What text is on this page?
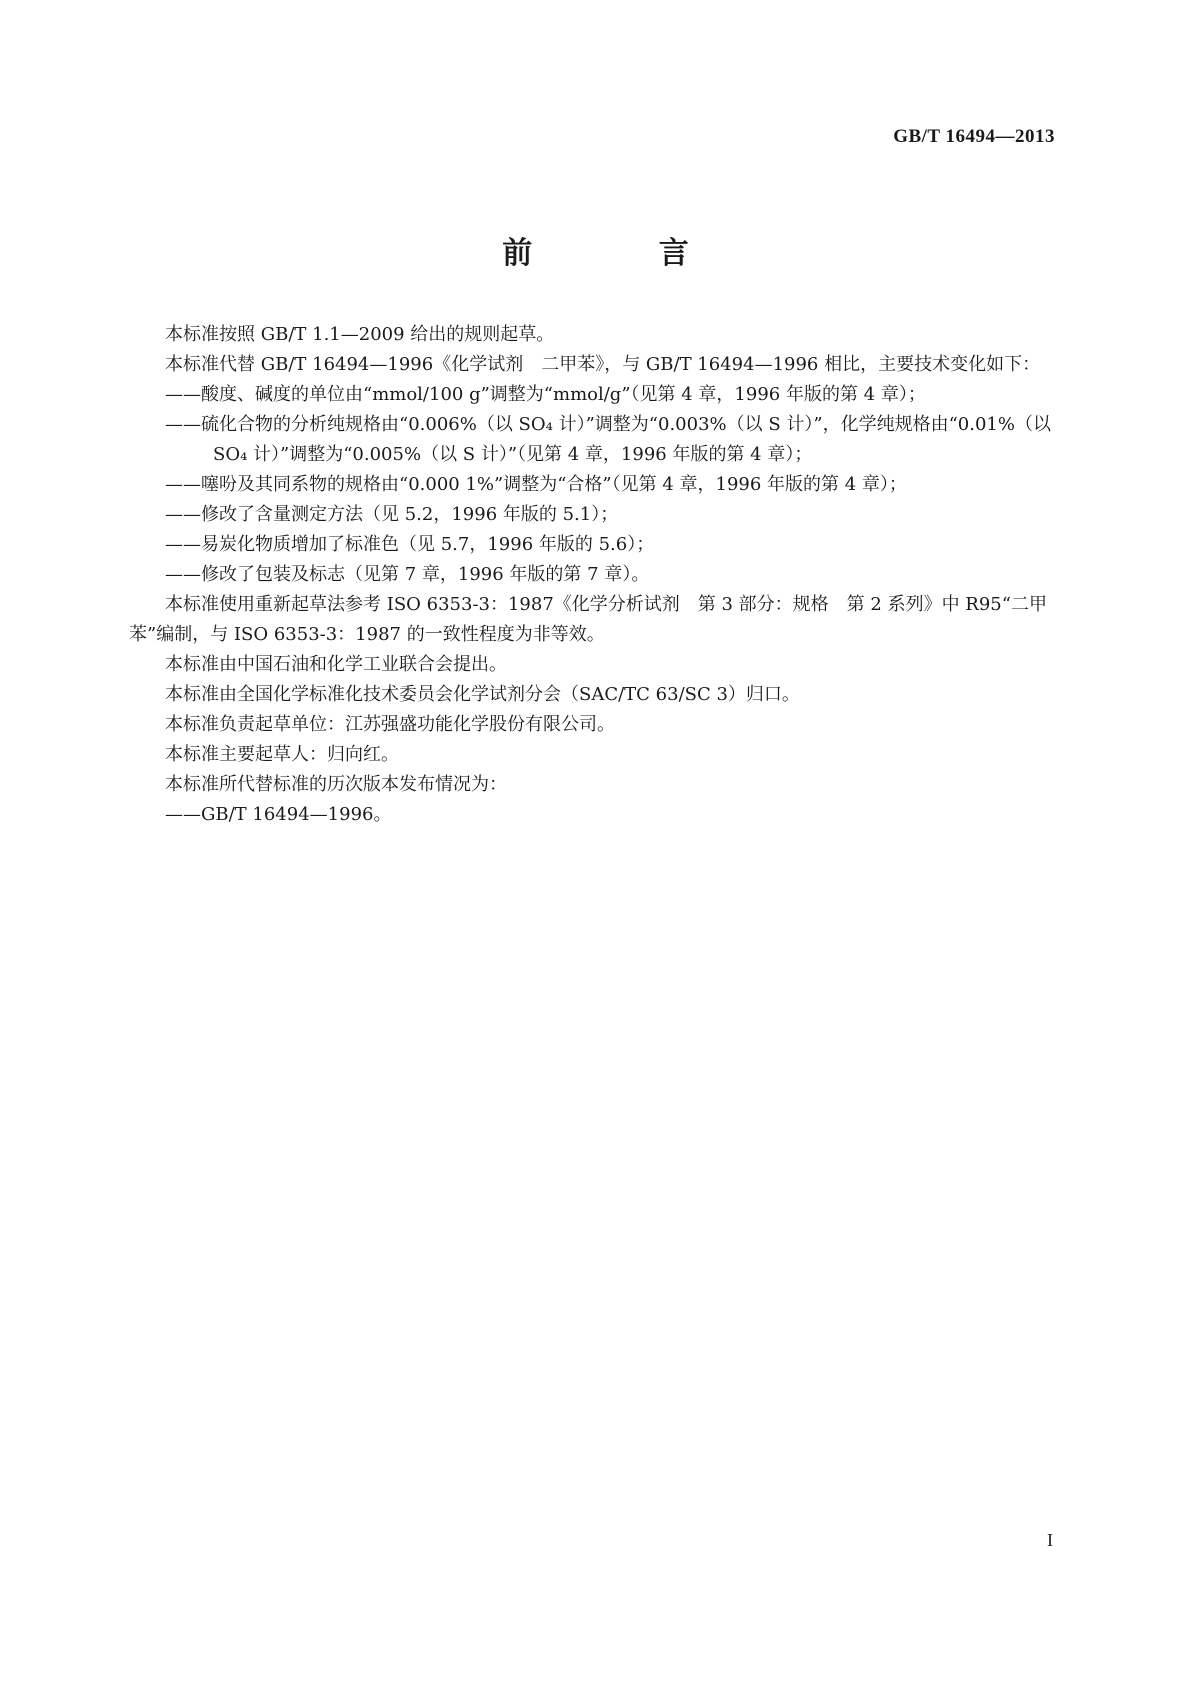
GB/T 16494—2013
前 言

本标准按照 GB/T 1.1—2009 给出的规则起草。

本标准代替 GB/T 16494—1996《化学试剂　二甲苯》，与 GB/T 16494—1996 相比，主要技术变化如下：

——酸度、碱度的单位由“mmol/100 g”调整为“mmol/g”（见第 4 章，1996 年版的第 4 章）；

——硫化合物的分析纯规格由“0.006%（以 SO₄ 计）”调整为“0.003%（以 S 计）”，化学纯规格由“0.01%（以 SO₄ 计）”调整为“0.005%（以 S 计）”（见第 4 章，1996 年版的第 4 章）；

——噻吩及其同系物的规格由“0.000 1%”调整为“合格”（见第 4 章，1996 年版的第 4 章）；

——修改了含量测定方法（见 5.2，1996 年版的 5.1）；

——易炭化物质增加了标准色（见 5.7，1996 年版的 5.6）；

——修改了包装及标志（见第 7 章，1996 年版的第 7 章）。

本标准使用重新起草法参考 ISO 6353-3：1987《化学分析试剂　第 3 部分：规格　第 2 系列》中 R95“二甲苯”编制，与 ISO 6353-3：1987 的一致性程度为非等效。

本标准由中国石油和化学工业联合会提出。

本标准由全国化学标准化技术委员会化学试剂分会（SAC/TC 63/SC 3）归口。

本标准负责起草单位：江苏强盛功能化学股份有限公司。

本标准主要起草人：归向红。

本标准所代替标准的历次版本发布情况为：

——GB/T 16494—1996。

I
